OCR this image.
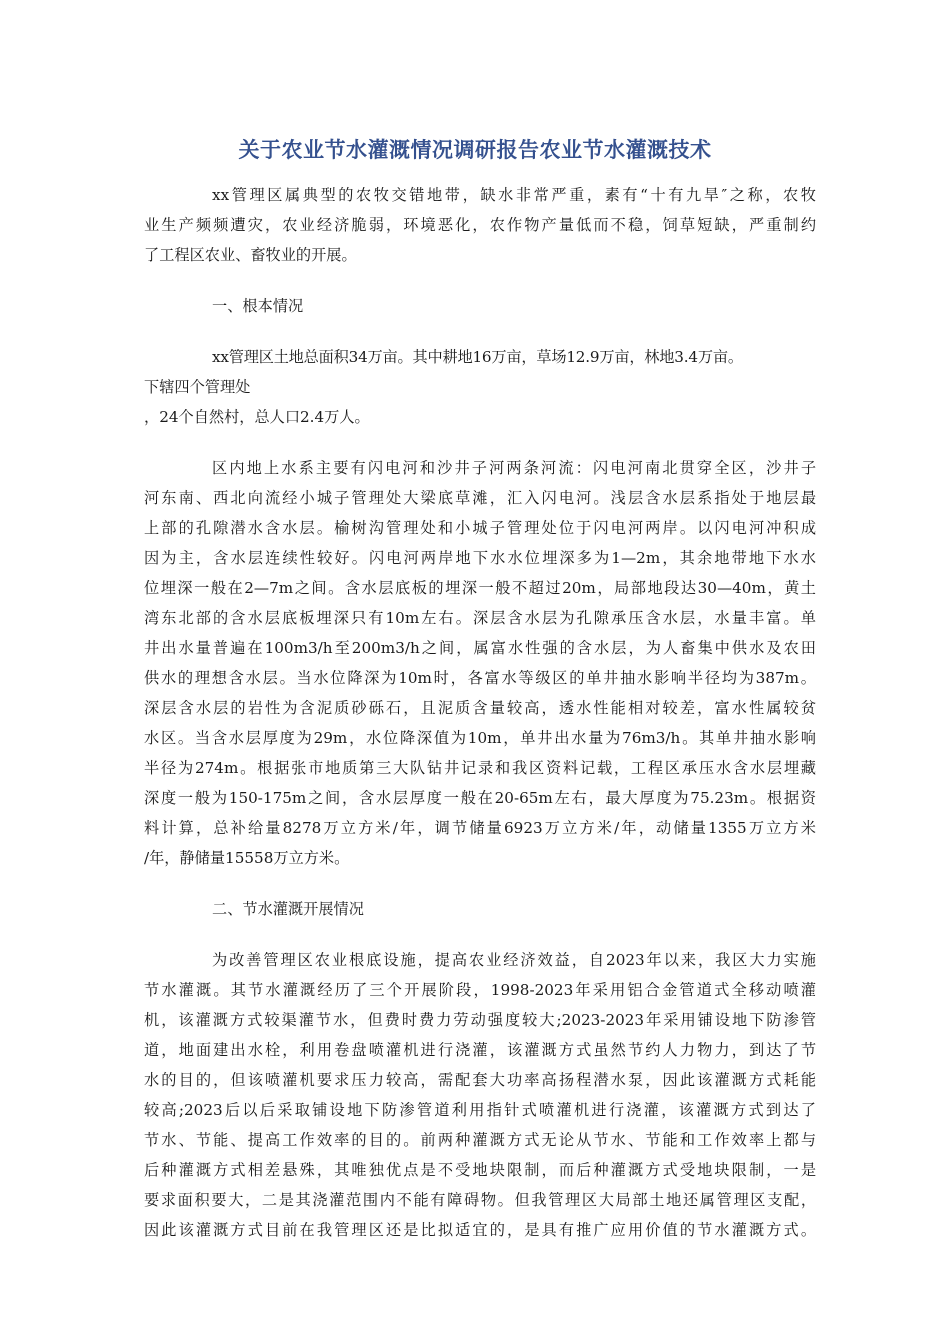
关于农业节水灌溉情况调研报告农业节水灌溉技术

xx管理区属典型的农牧交错地带，缺水非常严重，素有“十有九旱″之称，农牧
业生产频频遭灾，农业经济脆弱，环境恶化，农作物产量低而不稳，饲草短缺，严重制约
了工程区农业、畜牧业的开展。

一、根本情况

xx管理区土地总面积34万亩。其中耕地16万亩，草场12.9万亩，林地3.4万亩。
下辖四个管理处
，24个自然村，总人口2.4万人。

区内地上水系主要有闪电河和沙井子河两条河流：闪电河南北贯穿全区，沙井子
河东南、西北向流经小城子管理处大梁底草滩，汇入闪电河。浅层含水层系指处于地层最
上部的孔隙潜水含水层。榆树沟管理处和小城子管理处位于闪电河两岸。以闪电河冲积成
因为主，含水层连续性较好。闪电河两岸地下水水位埋深多为1—2m，其余地带地下水水
位埋深一般在2—7m之间。含水层底板的埋深一般不超过20m，局部地段达30—40m，黄土
湾东北部的含水层底板埋深只有10m左右。深层含水层为孔隙承压含水层，水量丰富。单
井出水量普遍在100m3/h至200m3/h之间，属富水性强的含水层，为人畜集中供水及农田
供水的理想含水层。当水位降深为10m时，各富水等级区的单井抽水影响半径均为387m。
深层含水层的岩性为含泥质砂砾石，且泥质含量较高，透水性能相对较差，富水性属较贫
水区。当含水层厚度为29m，水位降深值为10m，单井出水量为76m3/h。其单井抽水影响
半径为274m。根据张市地质第三大队钻井记录和我区资料记载，工程区承压水含水层埋藏
深度一般为150-175m之间，含水层厚度一般在20-65m左右，最大厚度为75.23m。根据资
料计算，总补给量8278万立方米/年，调节储量6923万立方米/年，动储量1355万立方米
/年，静储量15558万立方米。

二、节水灌溉开展情况

为改善管理区农业根底设施，提高农业经济效益，自2023年以来，我区大力实施
节水灌溉。其节水灌溉经历了三个开展阶段，1998-2023年采用铝合金管道式全移动喷灌
机，该灌溉方式较渠灌节水，但费时费力劳动强度较大;2023-2023年采用铺设地下防渗管
道，地面建出水栓，利用卷盘喷灌机进行浇灌，该灌溉方式虽然节约人力物力，到达了节
水的目的，但该喷灌机要求压力较高，需配套大功率高扬程潜水泵，因此该灌溉方式耗能
较高;2023后以后采取铺设地下防渗管道利用指针式喷灌机进行浇灌，该灌溉方式到达了
节水、节能、提高工作效率的目的。前两种灌溉方式无论从节水、节能和工作效率上都与
后种灌溉方式相差悬殊，其唯独优点是不受地块限制，而后种灌溉方式受地块限制，一是
要求面积要大，二是其浇灌范围内不能有障碍物。但我管理区大局部土地还属管理区支配，
因此该灌溉方式目前在我管理区还是比拟适宜的，是具有推广应用价值的节水灌溉方式。
